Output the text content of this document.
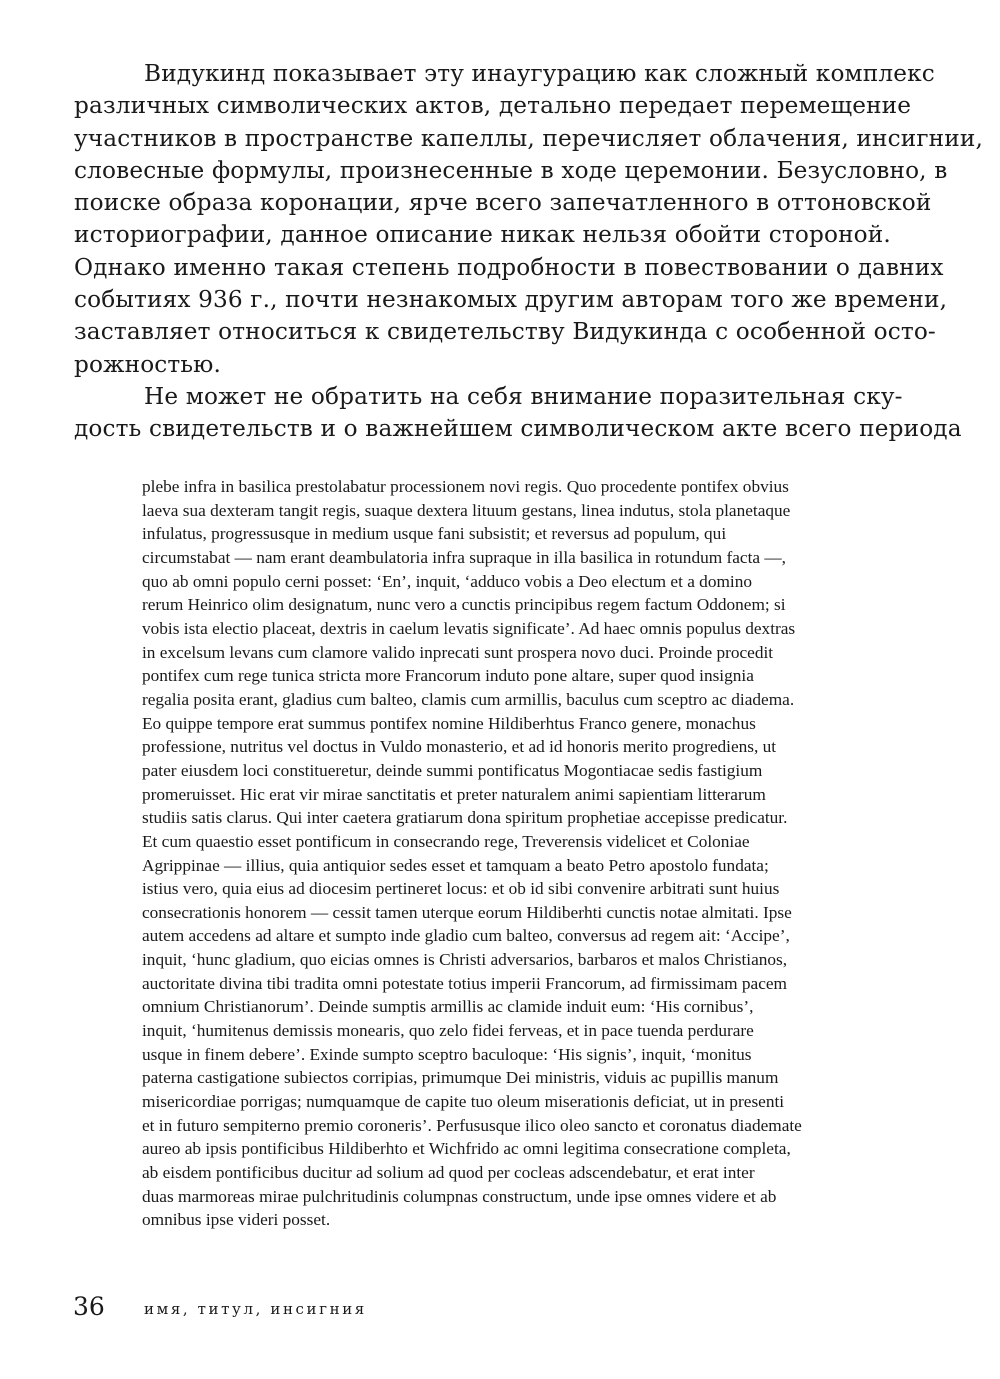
Видукинд показывает эту инаугурацию как сложный комплекс
различных символических актов, детально передает перемещение
участников в пространстве капеллы, перечисляет облачения, инсигнии,
словесные формулы, произнесенные в ходе церемонии. Безусловно, в
поиске образа коронации, ярче всего запечатленного в оттоновской
историографии, данное описание никак нельзя обойти стороной.
Однако именно такая степень подробности в повествовании о давних
событиях 936 г., почти незнакомых другим авторам того же времени,
заставляет относиться к свидетельству Видукинда с особенной осто-
рожностью.
Не может не обратить на себя внимание поразительная ску-
дость свидетельств и о важнейшем символическом акте всего периода
plebe infra in basilica prestolabatur processionem novi regis. Quo procedente pontifex obvius
laeva sua dexteram tangit regis, suaque dextera lituum gestans, linea indutus, stola planetaque
infulatus, progressusque in medium usque fani subsistit; et reversus ad populum, qui
circumstabat — nam erant deambulatoria infra supraque in illa basilica in rotundum facta —,
quo ab omni populo cerni posset: ‘En’, inquit, ‘adduco vobis a Deo electum et a domino
rerum Heinrico olim designatum, nunc vero a cunctis principibus regem factum Oddonem; si
vobis ista electio placeat, dextris in caelum levatis significate’. Ad haec omnis populus dextras
in excelsum levans cum clamore valido inprecati sunt prospera novo duci. Proinde procedit
pontifex cum rege tunica stricta more Francorum induto pone altare, super quod insignia
regalia posita erant, gladius cum balteo, clamis cum armillis, baculus cum sceptro ac diadema.
Eo quippe tempore erat summus pontifex nomine Hildiberhtus Franco genere, monachus
professione, nutritus vel doctus in Vuldo monasterio, et ad id honoris merito progrediens, ut
pater eiusdem loci constitueretur, deinde summi pontificatus Mogontiacae sedis fastigium
promeruisset. Hic erat vir mirae sanctitatis et preter naturalem animi sapientiam litterarum
studiis satis clarus. Qui inter caetera gratiarum dona spiritum prophetiae accepisse predicatur.
Et cum quaestio esset pontificum in consecrando rege, Treverensis videlicet et Coloniae
Agrippinae — illius, quia antiquior sedes esset et tamquam a beato Petro apostolo fundata;
istius vero, quia eius ad diocesim pertineret locus: et ob id sibi convenire arbitrati sunt huius
consecrationis honorem — cessit tamen uterque eorum Hildiberhti cunctis notae almitati. Ipse
autem accedens ad altare et sumpto inde gladio cum balteo, conversus ad regem ait: ‘Accipe’,
inquit, ‘hunc gladium, quo eicias omnes is Christi adversarios, barbaros et malos Christianos,
auctoritate divina tibi tradita omni potestate totius imperii Francorum, ad firmissimam pacem
omnium Christianorum’. Deinde sumptis armillis ac clamide induit eum: ‘His cornibus’,
inquit, ‘humitenus demissis monearis, quo zelo fidei ferveas, et in pace tuenda perdurare
usque in finem debere’. Exinde sumpto sceptro baculoque: ‘His signis’, inquit, ‘monitus
paterna castigatione subiectos corripias, primumque Dei ministris, viduis ac pupillis manum
misericordiae porrigas; numquamque de capite tuo oleum miserationis deficiat, ut in presenti
et in futuro sempiterno premio coroneris’. Perfususque ilico oleo sancto et coronatus diademate
aureo ab ipsis pontificibus Hildiberhto et Wichfrido ac omni legitima consecratione completa,
ab eisdem pontificibus ducitur ad solium ad quod per cocleas adscendebatur, et erat inter
duas marmoreas mirae pulchritudinis columpnas constructum, unde ipse omnes videre et ab
omnibus ipse videri posset.
36	имя, титул, инсигния
